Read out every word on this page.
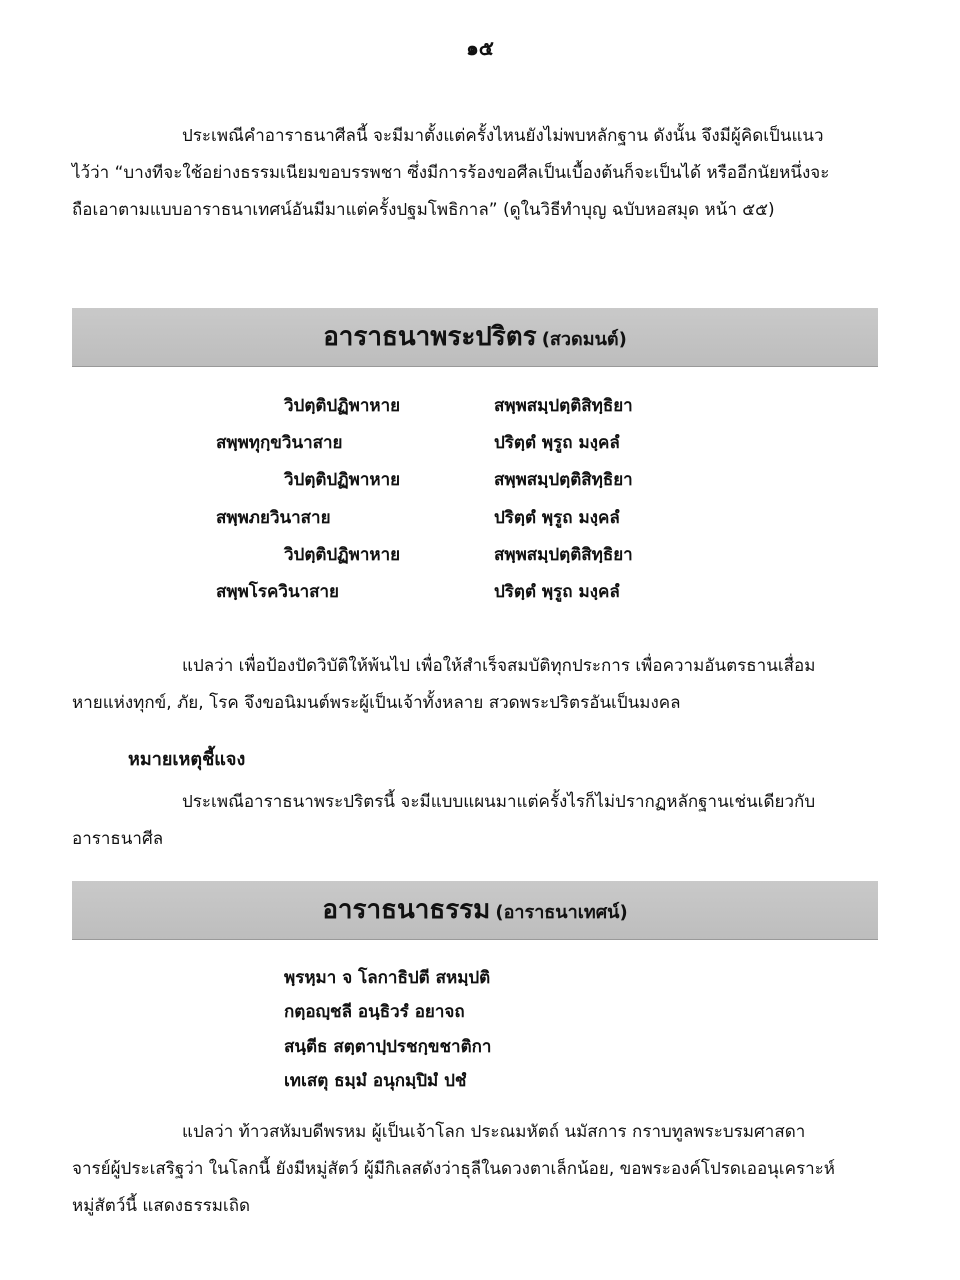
๑๕

ประเพณีคำอาราธนาศีลนี้ จะมีมาตั้งแต่ครั้งไหนยังไม่พบหลักฐาน ดังนั้น จึงมีผู้คิดเป็นแนว
ไว้ว่า “บางทีจะใช้อย่างธรรมเนียมขอบรรพชา ซึ่งมีการร้องขอศีลเป็นเบื้องต้นก็จะเป็นได้ หรืออีกนัยหนึ่งจะ
ถือเอาตามแบบอาราธนาเทศน์อันมีมาแต่ครั้งปฐมโพธิกาล” (ดูในวิธีทำบุญ ฉบับหอสมุด หน้า ๕๕)

อาราธนาพระปริตร (สวดมนต์)
วิปตฺติปฏิพาหาย	สพฺพสมฺปตฺติสิทฺธิยา
สพฺพทุกฺขวินาสาย	ปริตฺตํ พฺรูถ มงฺคลํ
วิปตฺติปฏิพาหาย	สพฺพสมฺปตฺติสิทฺธิยา
สพฺพภยวินาสาย	ปริตฺตํ พฺรูถ มงฺคลํ
วิปตฺติปฏิพาหาย	สพฺพสมฺปตฺติสิทฺธิยา
สพฺพโรควินาสาย	ปริตฺตํ พฺรูถ มงฺคลํ

แปลว่า เพื่อป้องปัดวิบัติให้พ้นไป เพื่อให้สำเร็จสมบัติทุกประการ เพื่อความอันตรธานเสื่อม
หายแห่งทุกข์, ภัย, โรค จึงขอนิมนต์พระผู้เป็นเจ้าทั้งหลาย สวดพระปริตรอันเป็นมงคล

หมายเหตุชี้แจง

ประเพณีอาราธนาพระปริตรนี้ จะมีแบบแผนมาแต่ครั้งไรก็ไม่ปรากฏหลักฐานเช่นเดียวกับ
อาราธนาศีล

อาราธนาธรรม (อาราธนาเทศน์)
พฺรหฺมา จ โลกาธิปตี สหมฺปติ
กตฺอญฺชลี อนฺธิวรํ อยาจถ
สนฺตีธ สตฺตาปฺปรชกฺขชาติกา
เทเสตุ ธมฺมํ อนุกมฺปิมํ ปชํ

แปลว่า ท้าวสหัมบดีพรหม ผู้เป็นเจ้าโลก ประณมหัตถ์ นมัสการ กราบทูลพระบรมศาสดา
จารย์ผู้ประเสริฐว่า ในโลกนี้ ยังมีหมู่สัตว์ ผู้มีกิเลสดังว่าธุลีในดวงตาเล็กน้อย, ขอพระองค์โปรดเออนุเคราะห์
หมู่สัตว์นี้ แสดงธรรมเถิด
